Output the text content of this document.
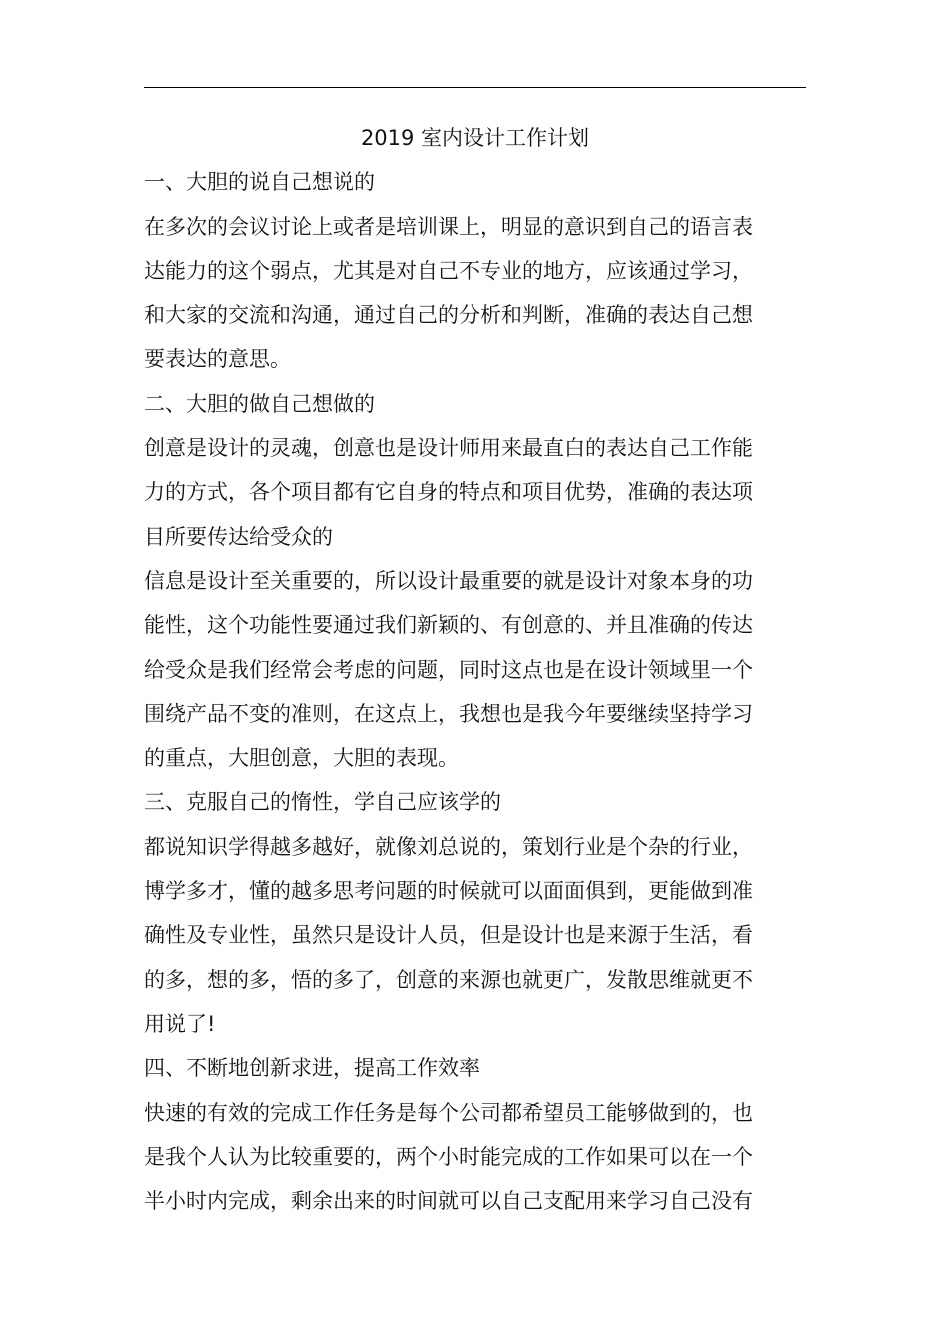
2019 室内设计工作计划

一、大胆的说自己想说的

在多次的会议讨论上或者是培训课上，明显的意识到自己的语言表

达能力的这个弱点，尤其是对自己不专业的地方，应该通过学习，

和大家的交流和沟通，通过自己的分析和判断，准确的表达自己想

要表达的意思。

二、大胆的做自己想做的

创意是设计的灵魂，创意也是设计师用来最直白的表达自己工作能

力的方式，各个项目都有它自身的特点和项目优势，准确的表达项

目所要传达给受众的

信息是设计至关重要的，所以设计最重要的就是设计对象本身的功

能性，这个功能性要通过我们新颖的、有创意的、并且准确的传达

给受众是我们经常会考虑的问题，同时这点也是在设计领域里一个

围绕产品不变的准则，在这点上，我想也是我今年要继续坚持学习

的重点，大胆创意，大胆的表现。

三、克服自己的惰性，学自己应该学的

都说知识学得越多越好，就像刘总说的，策划行业是个杂的行业，

博学多才，懂的越多思考问题的时候就可以面面俱到，更能做到准

确性及专业性，虽然只是设计人员，但是设计也是来源于生活，看

的多，想的多，悟的多了，创意的来源也就更广，发散思维就更不

用说了!

四、不断地创新求进，提高工作效率

快速的有效的完成工作任务是每个公司都希望员工能够做到的，也

是我个人认为比较重要的，两个小时能完成的工作如果可以在一个

半小时内完成，剩余出来的时间就可以自己支配用来学习自己没有
